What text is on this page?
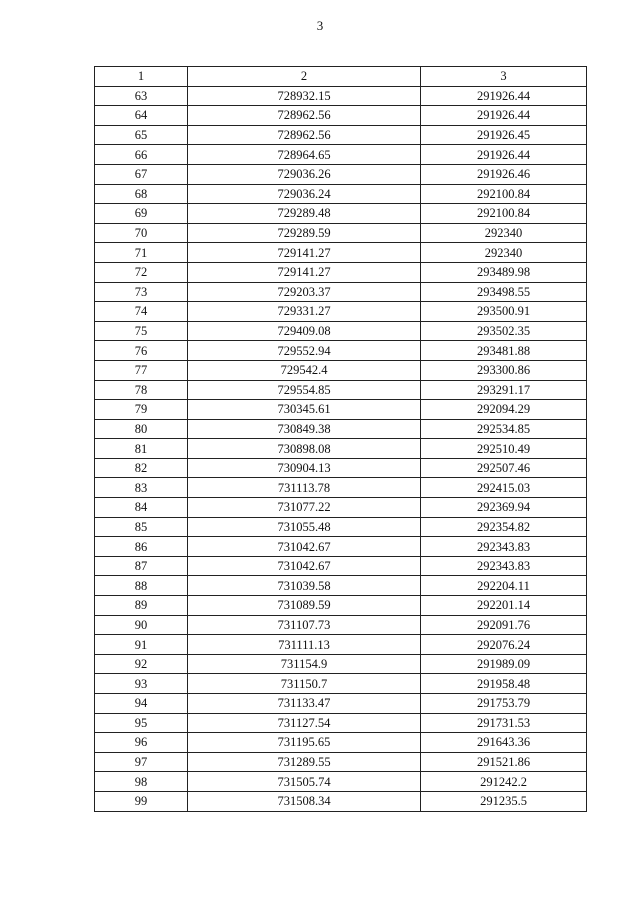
3
1	2	3
63	728932.15	291926.44
64	728962.56	291926.44
65	728962.56	291926.45
66	728964.65	291926.44
67	729036.26	291926.46
68	729036.24	292100.84
69	729289.48	292100.84
70	729289.59	292340
71	729141.27	292340
72	729141.27	293489.98
73	729203.37	293498.55
74	729331.27	293500.91
75	729409.08	293502.35
76	729552.94	293481.88
77	729542.4	293300.86
78	729554.85	293291.17
79	730345.61	292094.29
80	730849.38	292534.85
81	730898.08	292510.49
82	730904.13	292507.46
83	731113.78	292415.03
84	731077.22	292369.94
85	731055.48	292354.82
86	731042.67	292343.83
87	731042.67	292343.83
88	731039.58	292204.11
89	731089.59	292201.14
90	731107.73	292091.76
91	731111.13	292076.24
92	731154.9	291989.09
93	731150.7	291958.48
94	731133.47	291753.79
95	731127.54	291731.53
96	731195.65	291643.36
97	731289.55	291521.86
98	731505.74	291242.2
99	731508.34	291235.5
